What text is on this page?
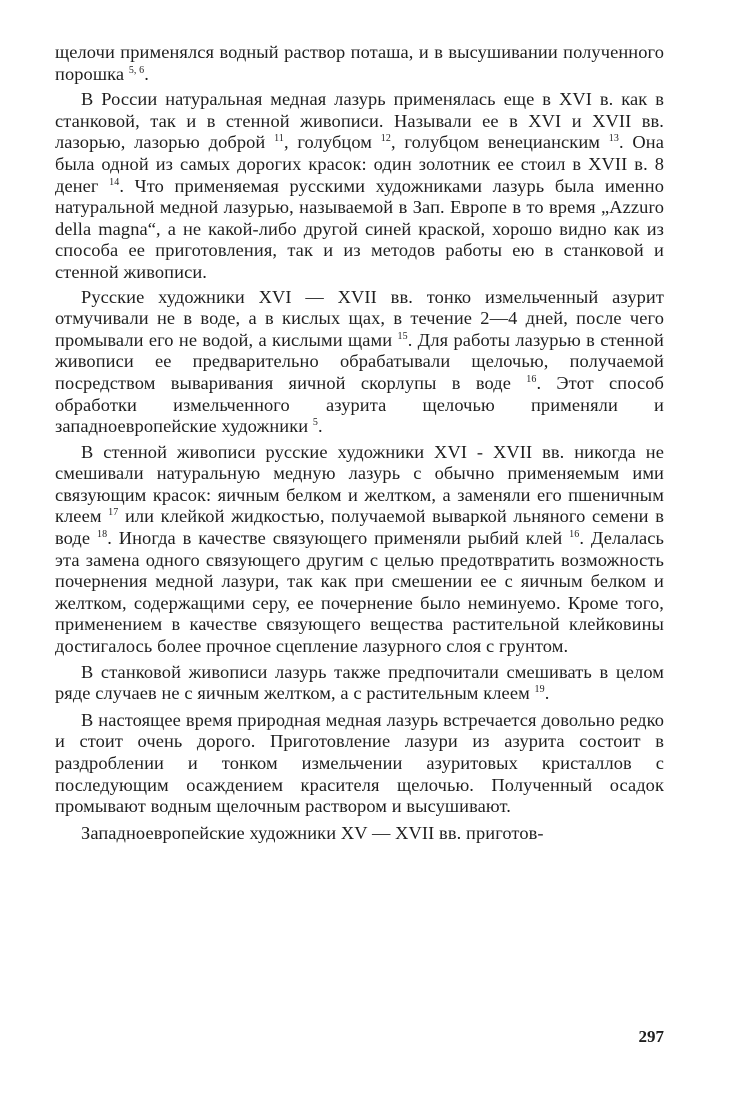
щелочи применялся водный раствор поташа, и в высушивании полученного порошка $^{5, 6}$.

В России натуральная медная лазурь применялась еще в XVI в. как в станковой, так и в стенной живописи. Называли ее в XVI и XVII вв. лазорью, лазорью доброй $^{11}$, голубцом $^{12}$, голубцом венецианским $^{13}$. Она была одной из самых дорогих красок: один золотник ее стоил в XVII в. 8 денег $^{14}$. Что применяемая русскими художниками лазурь была именно натуральной медной лазурью, называемой в Зап. Европе в то время „Azzuro della magna“, а не какой-либо другой синей краской, хорошо видно как из способа ее приготовления, так и из методов работы ею в станковой и стенной живописи.

Русские художники XVI — XVII вв. тонко измельченный азурит отмучивали не в воде, а в кислых щах, в течение 2—4 дней, после чего промывали его не водой, а кислыми щами $^{15}$. Для работы лазурью в стенной живописи ее предварительно обрабатывали щелочью, получаемой посредством вываривания яичной скорлупы в воде $^{16}$. Этот способ обработки измельченного азурита щелочью применяли и западноевропейские художники $^5$.

В стенной живописи русские художники XVI - XVII вв. никогда не смешивали натуральную медную лазурь с обычно применяемым ими связующим красок: яичным белком и желтком, а заменяли его пшеничным клеем $^{17}$ или клейкой жидкостью, получаемой вываркой льняного семени в воде $^{18}$. Иногда в качестве связующего применяли рыбий клей $^{16}$. Делалась эта замена одного связующего другим с целью предотвратить возможность почернения медной лазури, так как при смешении ее с яичным белком и желтком, содержащими серу, ее почернение было неминуемо. Кроме того, применением в качестве связующего вещества растительной клейковины достигалось более прочное сцепление лазурного слоя с грунтом.

В станковой живописи лазурь также предпочитали смешивать в целом ряде случаев не с яичным желтком, а с растительным клеем $^{19}$.

В настоящее время природная медная лазурь встречается довольно редко и стоит очень дорого. Приготовление лазури из азурита состоит в раздроблении и тонком измельчении азуритовых кристаллов с последующим осаждением красителя щелочью. Полученный осадок промывают водным щелочным раствором и высушивают.

Западноевропейские художники XV — XVII вв. приготов-

297
